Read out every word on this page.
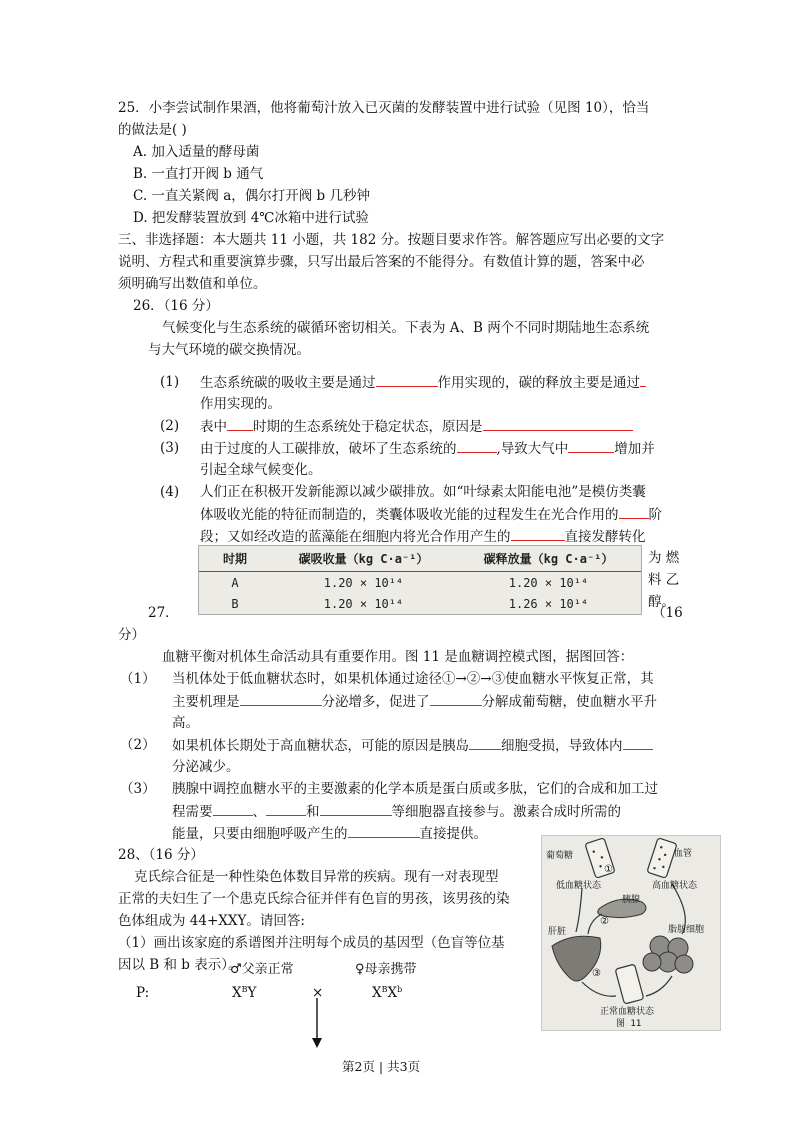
25．小李尝试制作果酒，他将葡萄汁放入已灭菌的发酵装置中进行试验（见图 10），恰当
的做法是( )
A. 加入适量的酵母菌
B. 一直打开阀 b 通气
C. 一直关紧阀 a，偶尔打开阀 b 几秒钟
D. 把发酵装置放到 4℃冰箱中进行试验
三、非选择题：本大题共 11 小题，共 182 分。按题目要求作答。解答题应写出必要的文字
说明、方程式和重要演算步骤，只写出最后答案的不能得分。有数值计算的题，答案中必
须明确写出数值和单位。
26．（16 分）
气候变化与生态系统的碳循环密切相关。下表为 A、B 两个不同时期陆地生态系统
与大气环境的碳交换情况。
(1) 生态系统碳的吸收主要是通过	作用实现的，碳的释放主要是通过
作用实现的。
(2) 表中 时期的生态系统处于稳定状态，原因是
(3) 由于过度的人工碳排放，破坏了生态系统的	,导致大气中	增加并
引起全球气候变化。
(4) 人们正在积极开发新能源以减少碳排放。如“叶绿素太阳能电池”是模仿类囊
体吸收光能的特征而制造的，类囊体吸收光能的过程发生在光合作用的 阶
段；又如经改造的蓝藻能在细胞内将光合作用产生的	直接发酵转化
为 燃
料 乙
醇。
时期	碳吸收量（kg C·a⁻¹）	碳释放量（kg C·a⁻¹）
A	1.20 × 10¹⁴	1.20 × 10¹⁴
B	1.20 × 10¹⁴	1.26 × 10¹⁴
27．	（16
分）
血糖平衡对机体生命活动具有重要作用。图 11 是血糖调控模式图，据图回答：
（1） 当机体处于低血糖状态时，如果机体通过途径①→②→③使血糖水平恢复正常，其
主要机理是	分泌增多，促进了	分解成葡萄糖，使血糖水平升
高。
（2） 如果机体长期处于高血糖状态，可能的原因是胰岛 细胞受损，导致体内
分泌减少。
（3） 胰腺中调控血糖水平的主要激素的化学本质是蛋白质或多肽，它们的合成和加工过
程需要	、	和	等细胞器直接参与。激素合成时所需的
能量，只要由细胞呼吸产生的	直接提供。
28、（16 分）
克氏综合征是一种性染色体数目异常的疾病。现有一对表现型
正常的夫妇生了一个患克氏综合征并伴有色盲的男孩，该男孩的染
色体组成为 44+XXY。请回答:
（1）画出该家庭的系谱图并注明每个成员的基因型（色盲等位基
因以 B 和 b 表示）。
♂父亲正常	♀母亲携带
P:	$X^BY$	×	$X^BX^b$
葡萄糖	血管
低血糖状态	高血糖状态
胰腺
肝脏	脂肪细胞
①
②
③
正常血糖状态
图 11
第2页 | 共3页
